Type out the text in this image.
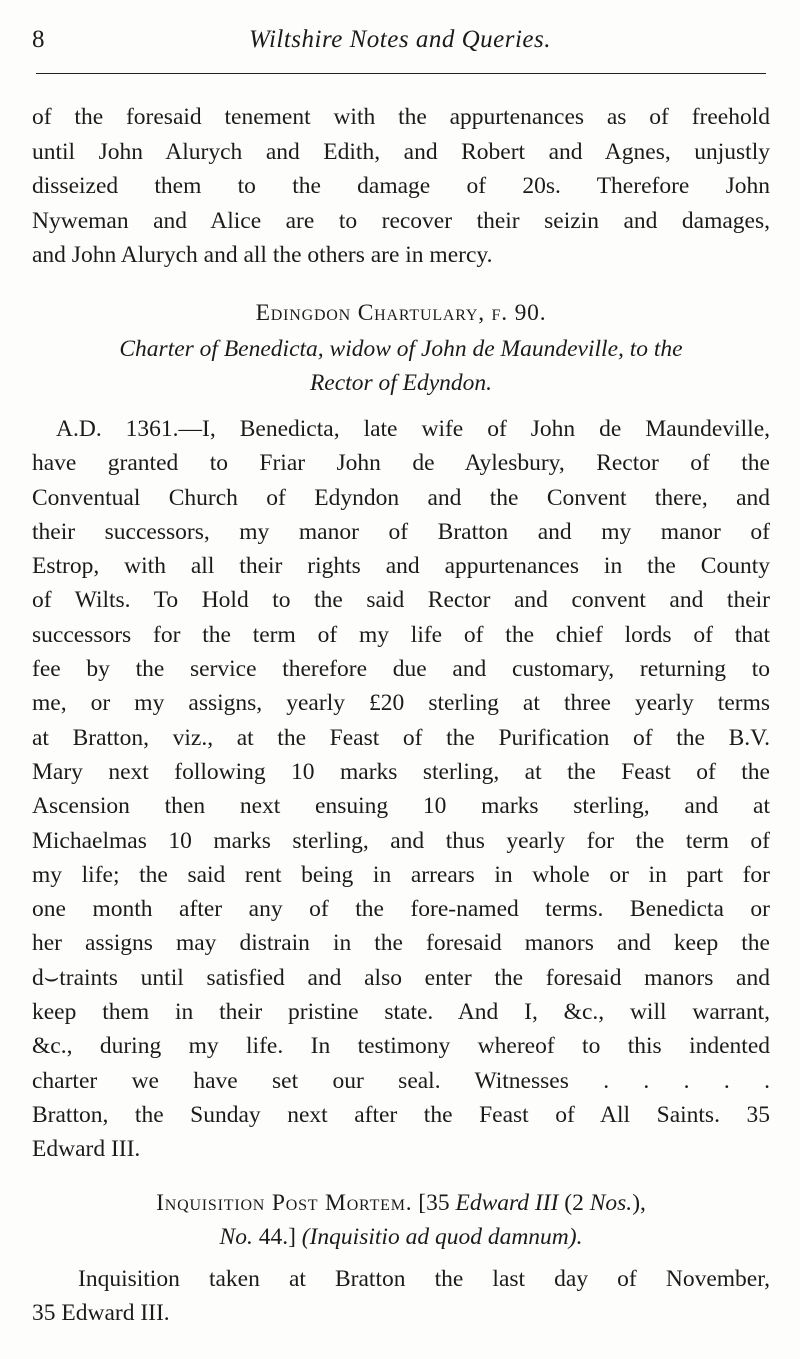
8	Wiltshire Notes and Queries.
of the foresaid tenement with the appurtenances as of freehold
until John Alurych and Edith, and Robert and Agnes, unjustly
disseized them to the damage of 20s. Therefore John
Nyweman and Alice are to recover their seizin and damages,
and John Alurych and all the others are in mercy.
Edingdon Chartulary, f. 90.
Charter of Benedicta, widow of John de Maundeville, to the
Rector of Edyndon.
A.D. 1361.—I, Benedicta, late wife of John de Maundeville,
have granted to Friar John de Aylesbury, Rector of the
Conventual Church of Edyndon and the Convent there, and
their successors, my manor of Bratton and my manor of
Estrop, with all their rights and appurtenances in the County
of Wilts. To Hold to the said Rector and convent and their
successors for the term of my life of the chief lords of that
fee by the service therefore due and customary, returning to
me, or my assigns, yearly £20 sterling at three yearly terms
at Bratton, viz., at the Feast of the Purification of the B.V.
Mary next following 10 marks sterling, at the Feast of the
Ascension then next ensuing 10 marks sterling, and at
Michaelmas 10 marks sterling, and thus yearly for the term of
my life; the said rent being in arrears in whole or in part for
one month after any of the fore-named terms. Benedicta or
her assigns may distrain in the foresaid manors and keep the
d⌣traints until satisfied and also enter the foresaid manors and
keep them in their pristine state. And I, &c., will warrant,
&c., during my life. In testimony whereof to this indented
charter we have set our seal. Witnesses . . . . .
Bratton, the Sunday next after the Feast of All Saints. 35
Edward III.
Inquisition Post Mortem. [35 Edward III (2 Nos.),
No. 44.] (Inquisitio ad quod damnum).
Inquisition taken at Bratton the last day of November,
35 Edward III.
